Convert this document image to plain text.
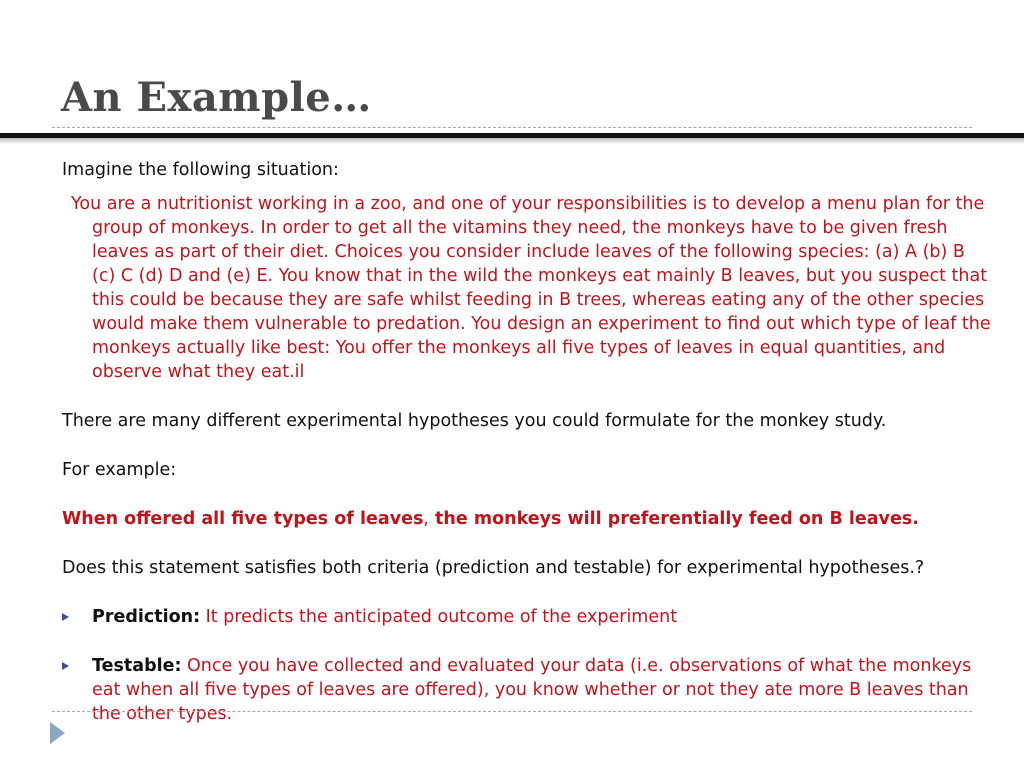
An Example…

Imagine the following situation:

You are a nutritionist working in a zoo, and one of your responsibilities is to develop a menu plan for the group of monkeys. In order to get all the vitamins they need, the monkeys have to be given fresh leaves as part of their diet. Choices you consider include leaves of the following species: (a) A (b) B (c) C (d) D and (e) E. You know that in the wild the monkeys eat mainly B leaves, but you suspect that this could be because they are safe whilst feeding in B trees, whereas eating any of the other species would make them vulnerable to predation. You design an experiment to find out which type of leaf the monkeys actually like best: You offer the monkeys all five types of leaves in equal quantities, and observe what they eat.il

There are many different experimental hypotheses you could formulate for the monkey study.

For example:

When offered all five types of leaves, the monkeys will preferentially feed on B leaves.

Does this statement satisfies both criteria (prediction and testable) for experimental hypotheses.?

Prediction: It predicts the anticipated outcome of the experiment
Testable: Once you have collected and evaluated your data (i.e. observations of what the monkeys eat when all five types of leaves are offered), you know whether or not they ate more B leaves than the other types.
